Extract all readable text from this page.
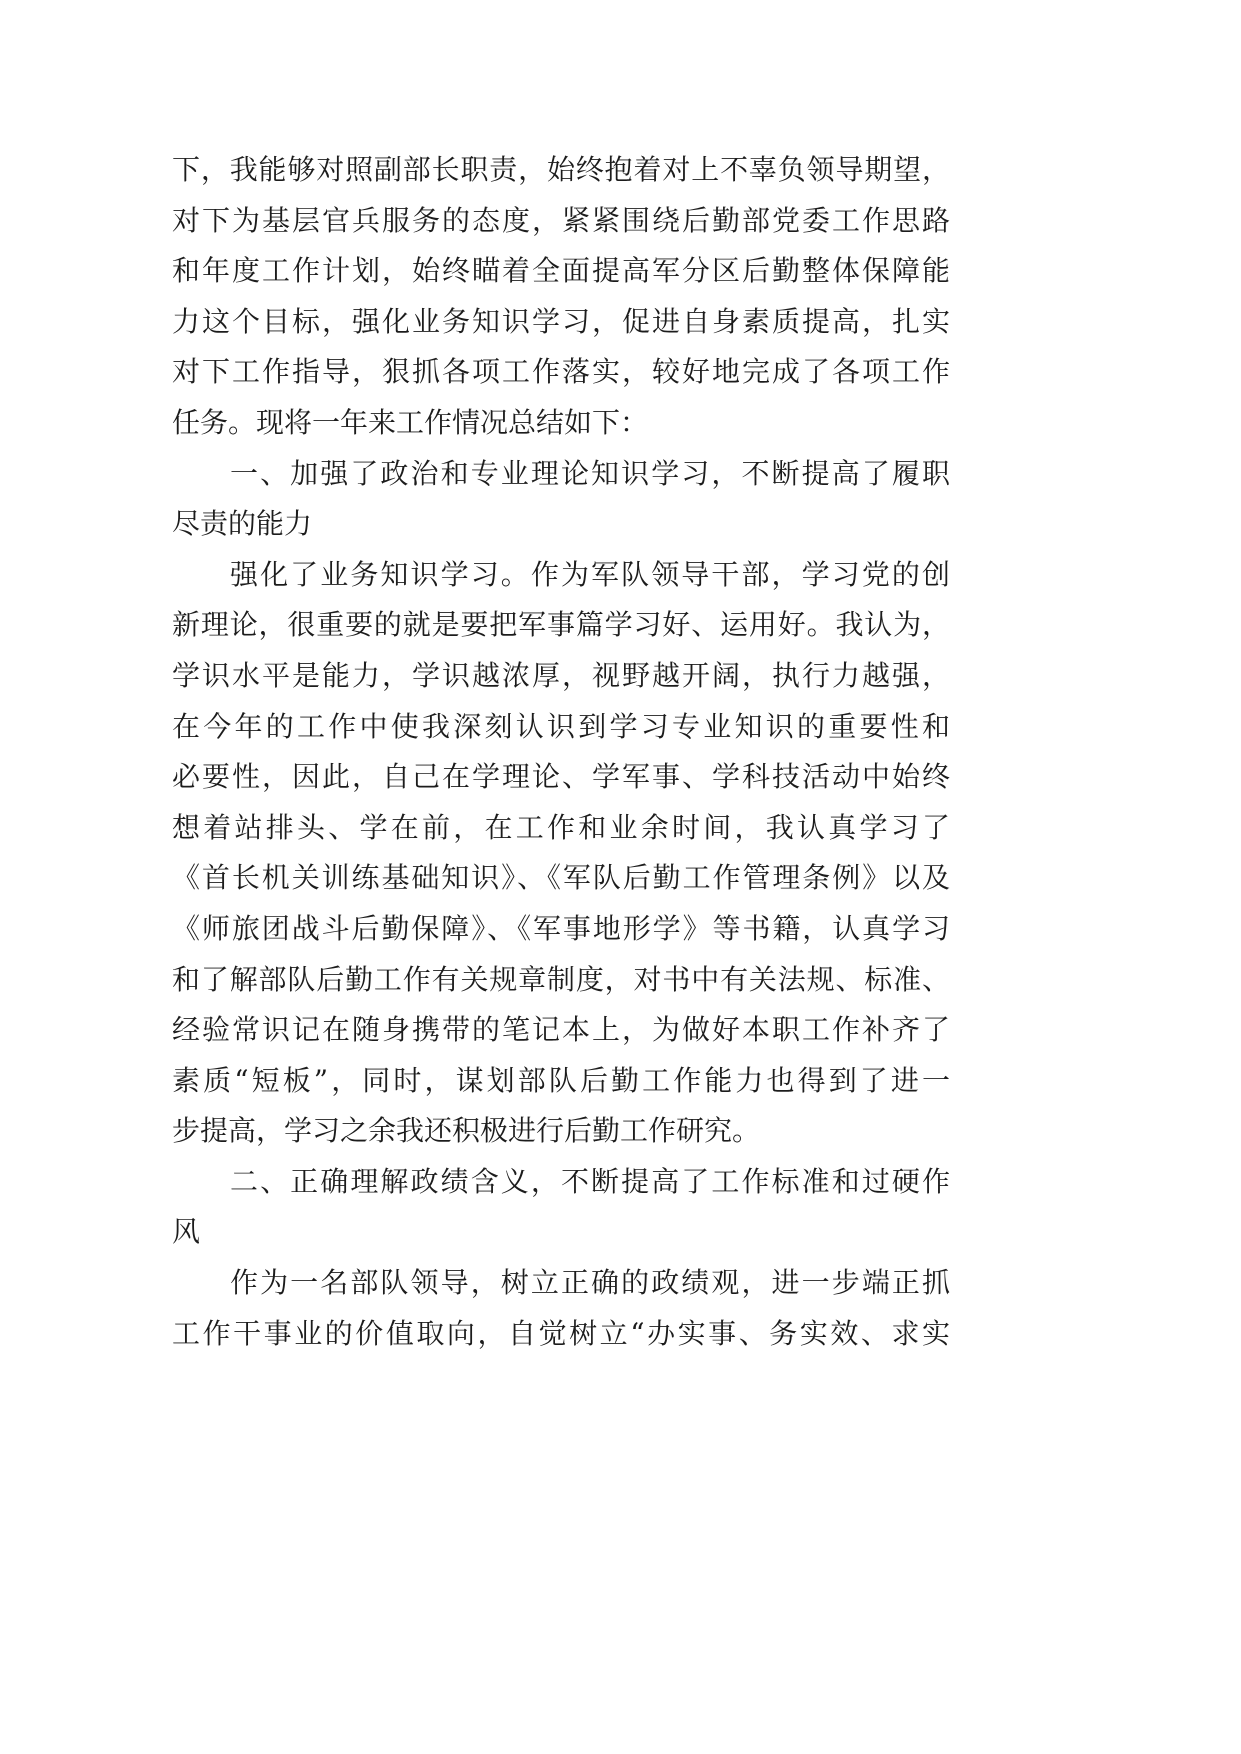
下，我能够对照副部长职责，始终抱着对上不辜负领导期望，
对下为基层官兵服务的态度，紧紧围绕后勤部党委工作思路
和年度工作计划，始终瞄着全面提高军分区后勤整体保障能
力这个目标，强化业务知识学习，促进自身素质提高，扎实
对下工作指导，狠抓各项工作落实，较好地完成了各项工作
任务。现将一年来工作情况总结如下：
一、加强了政治和专业理论知识学习，不断提高了履职
尽责的能力
强化了业务知识学习。作为军队领导干部，学习党的创
新理论，很重要的就是要把军事篇学习好、运用好。我认为，
学识水平是能力，学识越浓厚，视野越开阔，执行力越强，
在今年的工作中使我深刻认识到学习专业知识的重要性和
必要性，因此，自己在学理论、学军事、学科技活动中始终
想着站排头、学在前，在工作和业余时间，我认真学习了
《首长机关训练基础知识》、《军队后勤工作管理条例》以及
《师旅团战斗后勤保障》、《军事地形学》等书籍，认真学习
和了解部队后勤工作有关规章制度，对书中有关法规、标准、
经验常识记在随身携带的笔记本上，为做好本职工作补齐了
素质“短板”，同时，谋划部队后勤工作能力也得到了进一
步提高，学习之余我还积极进行后勤工作研究。
二、正确理解政绩含义，不断提高了工作标准和过硬作
风
作为一名部队领导，树立正确的政绩观，进一步端正抓
工作干事业的价值取向，自觉树立“办实事、务实效、求实
